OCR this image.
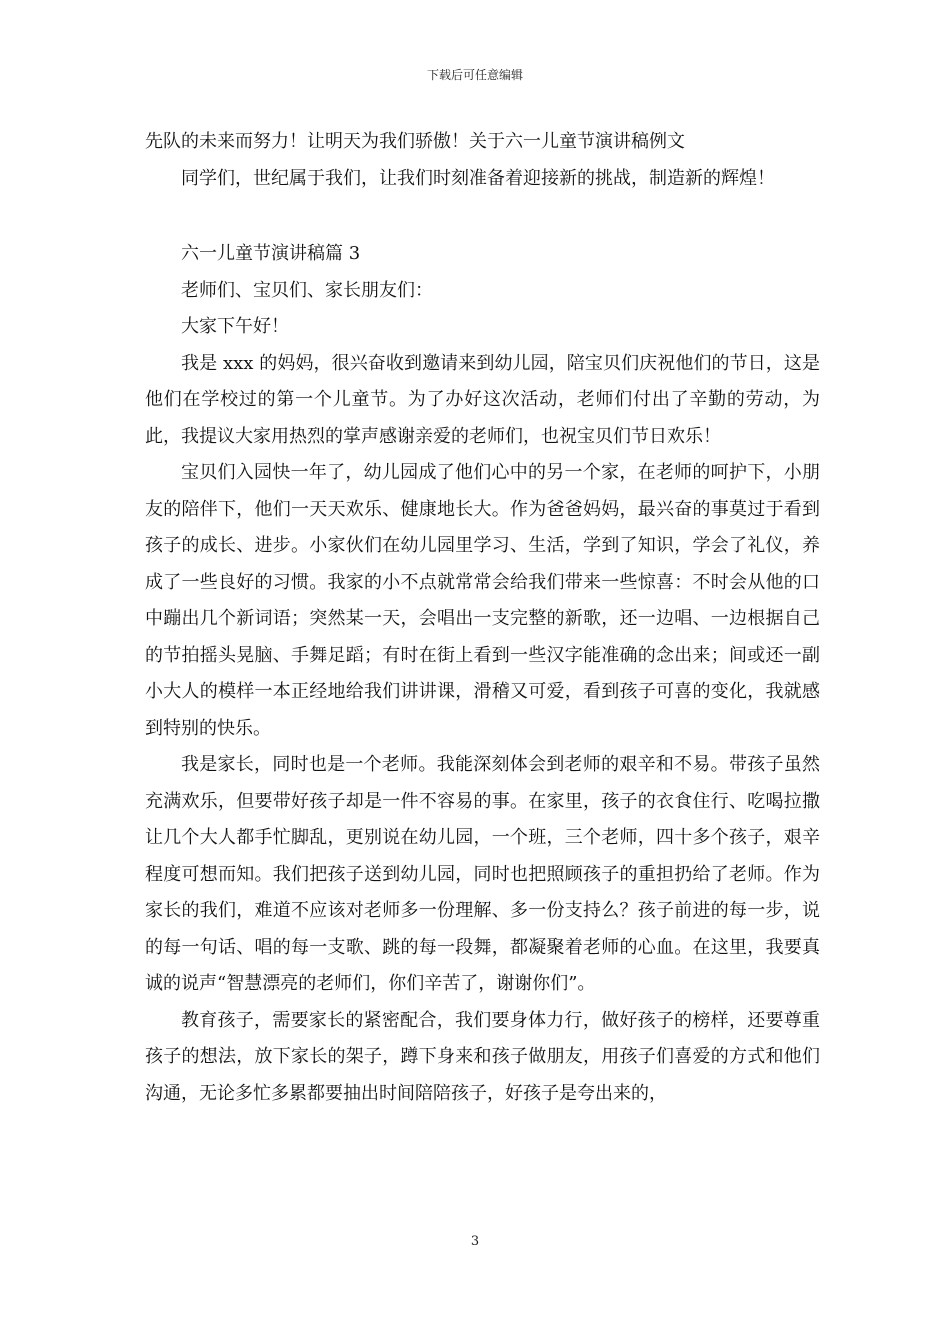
下载后可任意编辑

先队的未来而努力！让明天为我们骄傲！关于六一儿童节演讲稿例文

同学们，世纪属于我们，让我们时刻准备着迎接新的挑战，制造新的辉煌！

六一儿童节演讲稿篇 3

老师们、宝贝们、家长朋友们：

大家下午好！

我是 xxx 的妈妈，很兴奋收到邀请来到幼儿园，陪宝贝们庆祝他们的节日，这是他们在学校过的第一个儿童节。为了办好这次活动，老师们付出了辛勤的劳动，为此，我提议大家用热烈的掌声感谢亲爱的老师们，也祝宝贝们节日欢乐！

宝贝们入园快一年了，幼儿园成了他们心中的另一个家，在老师的呵护下，小朋友的陪伴下，他们一天天欢乐、健康地长大。作为爸爸妈妈，最兴奋的事莫过于看到孩子的成长、进步。小家伙们在幼儿园里学习、生活，学到了知识，学会了礼仪，养成了一些良好的习惯。我家的小不点就常常会给我们带来一些惊喜：不时会从他的口中蹦出几个新词语；突然某一天，会唱出一支完整的新歌，还一边唱、一边根据自己的节拍摇头晃脑、手舞足蹈；有时在街上看到一些汉字能准确的念出来；间或还一副小大人的模样一本正经地给我们讲讲课，滑稽又可爱，看到孩子可喜的变化，我就感到特别的快乐。

我是家长，同时也是一个老师。我能深刻体会到老师的艰辛和不易。带孩子虽然充满欢乐，但要带好孩子却是一件不容易的事。在家里，孩子的衣食住行、吃喝拉撒让几个大人都手忙脚乱，更别说在幼儿园，一个班，三个老师，四十多个孩子，艰辛程度可想而知。我们把孩子送到幼儿园，同时也把照顾孩子的重担扔给了老师。作为家长的我们，难道不应该对老师多一份理解、多一份支持么？孩子前进的每一步，说的每一句话、唱的每一支歌、跳的每一段舞，都凝聚着老师的心血。在这里，我要真诚的说声“智慧漂亮的老师们，你们辛苦了，谢谢你们”。

教育孩子，需要家长的紧密配合，我们要身体力行，做好孩子的榜样，还要尊重孩子的想法，放下家长的架子，蹲下身来和孩子做朋友，用孩子们喜爱的方式和他们沟通，无论多忙多累都要抽出时间陪陪孩子，好孩子是夸出来的，

3
